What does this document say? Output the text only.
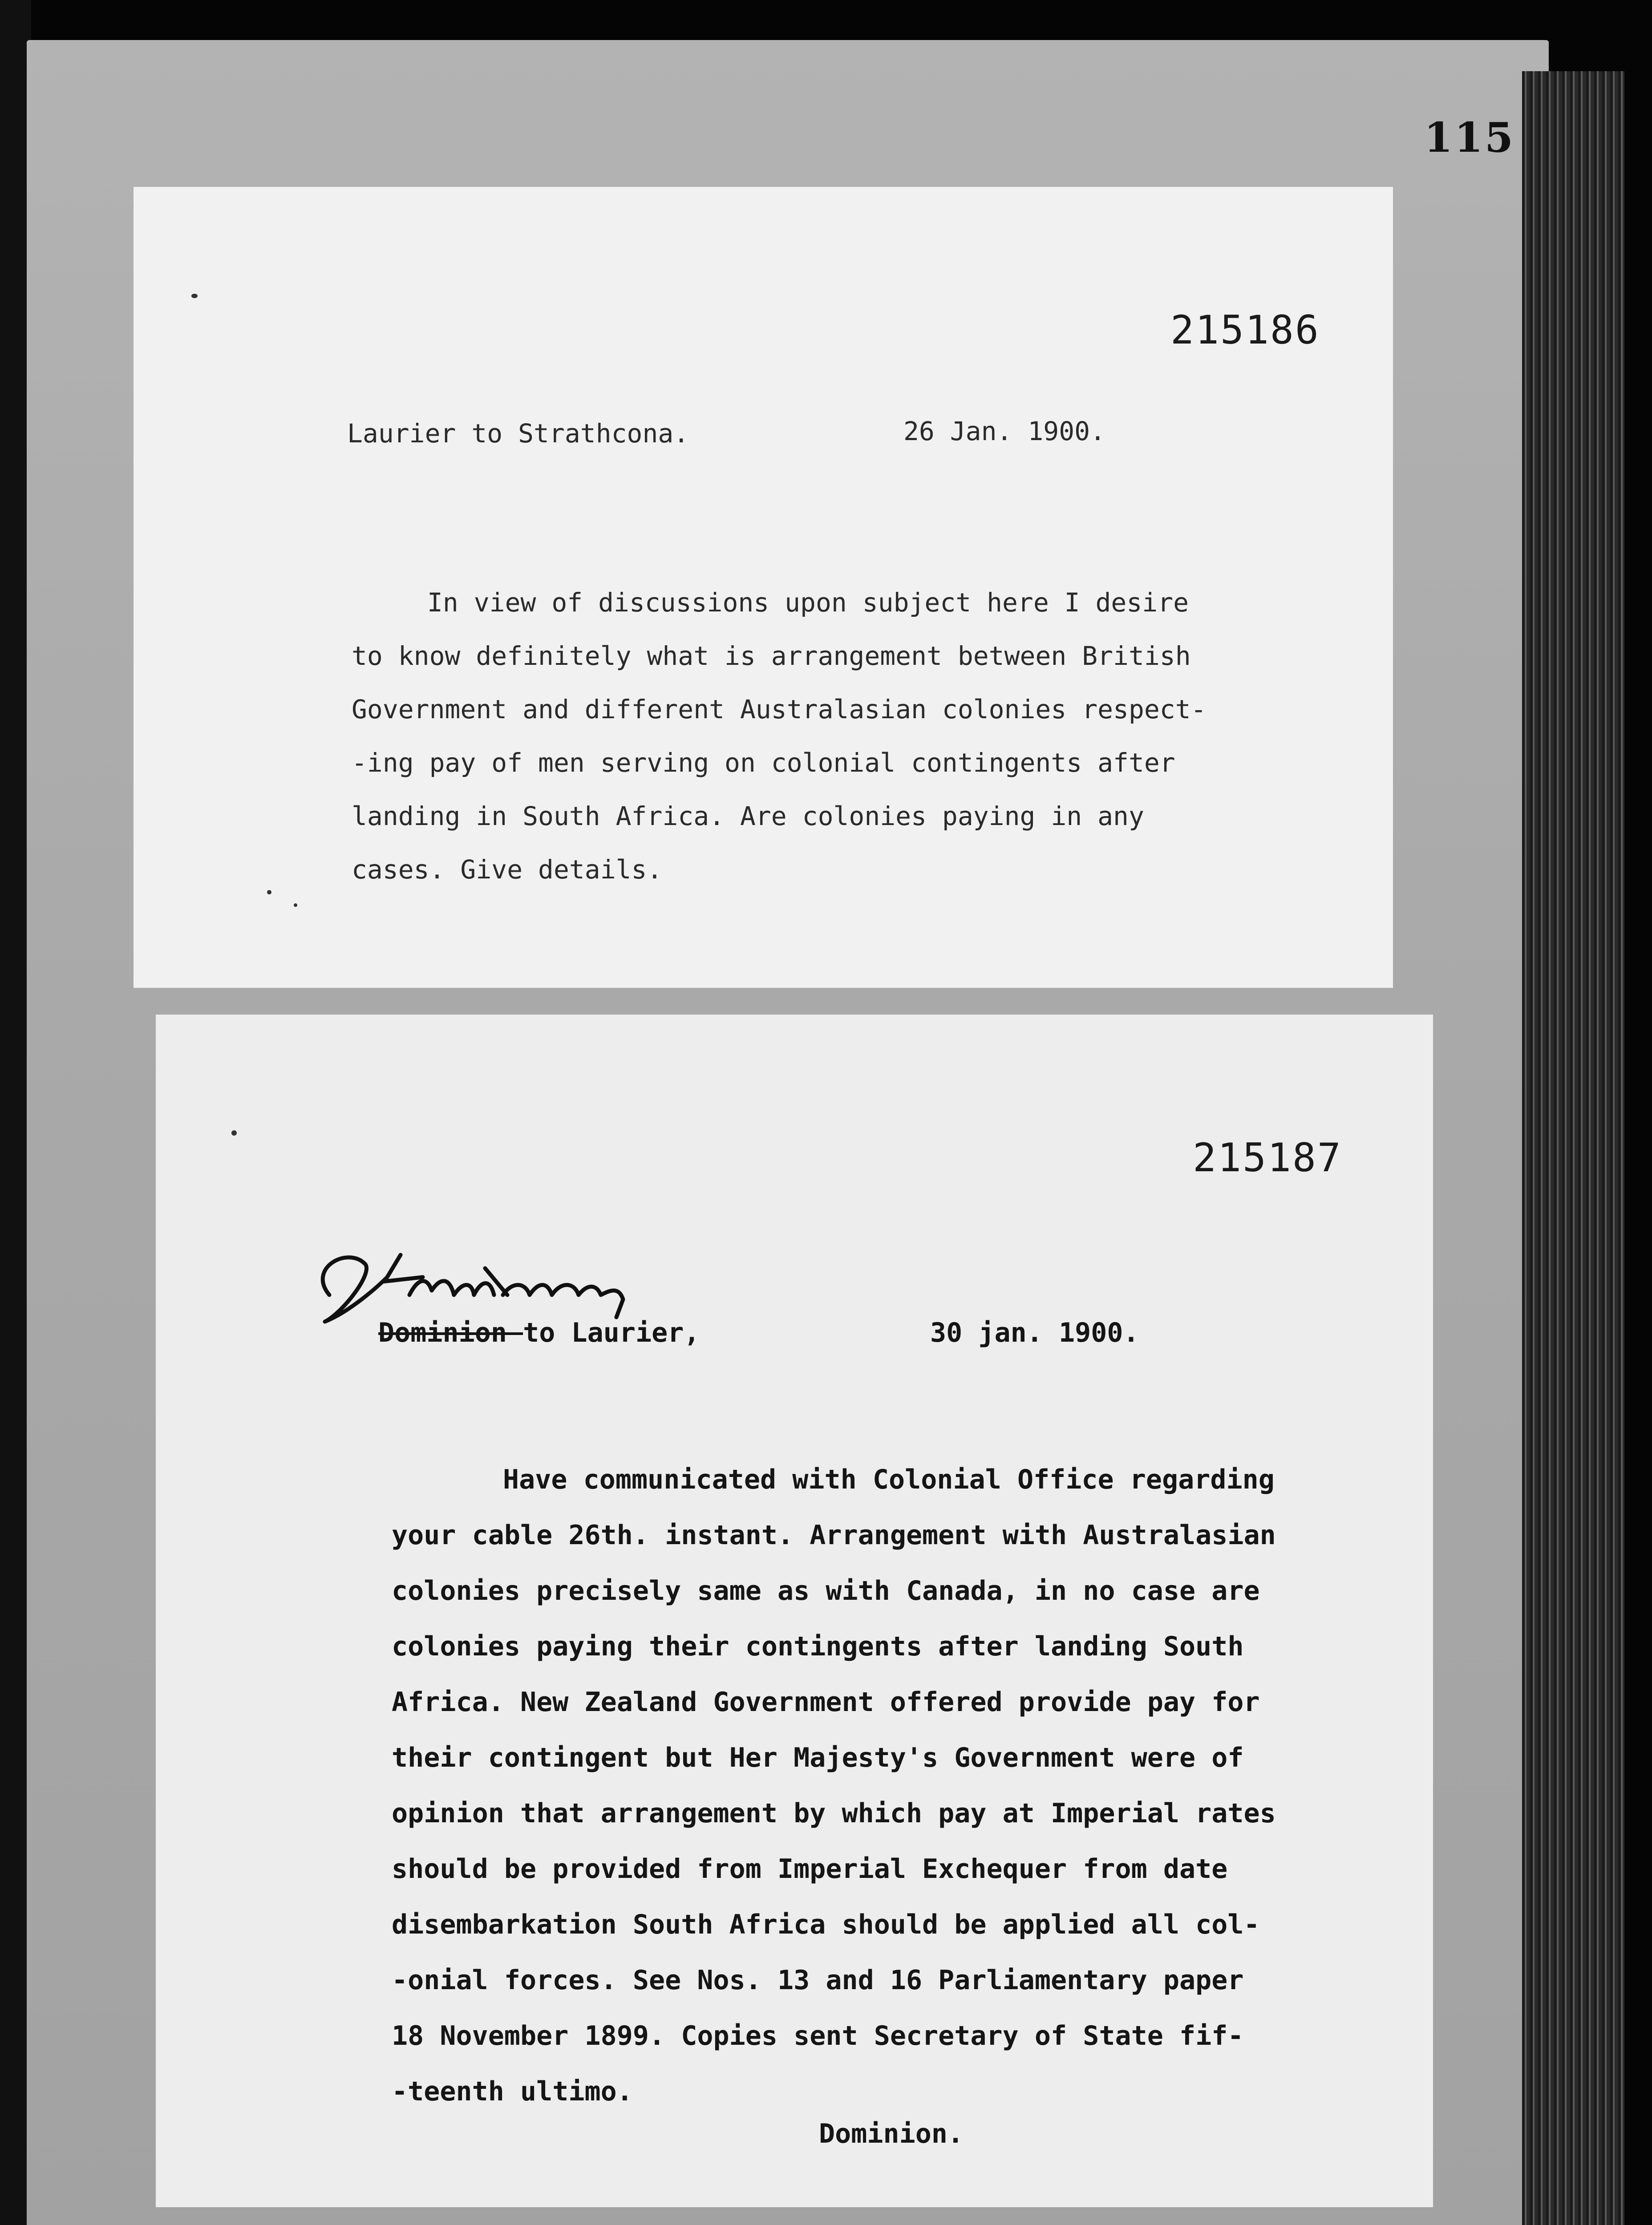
115
215186
Laurier to Strathcona.	26 Jan. 1900.
In view of discussions upon subject here I desire
to know definitely what is arrangement between British
Government and different Australasian colonies respect-
-ing pay of men serving on colonial contingents after
landing in South Africa. Are colonies paying in any
cases. Give details.
215187
Dominion to Laurier,	30 jan. 1900.
Have communicated with Colonial Office regarding
your cable 26th. instant. Arrangement with Australasian
colonies precisely same as with Canada, in no case are
colonies paying their contingents after landing South
Africa. New Zealand Government offered provide pay for
their contingent but Her Majesty's Government were of
opinion that arrangement by which pay at Imperial rates
should be provided from Imperial Exchequer from date
disembarkation South Africa should be applied all col-
-onial forces. See Nos. 13 and 16 Parliamentary paper
18 November 1899. Copies sent Secretary of State fif-
-teenth ultimo.
Dominion.
